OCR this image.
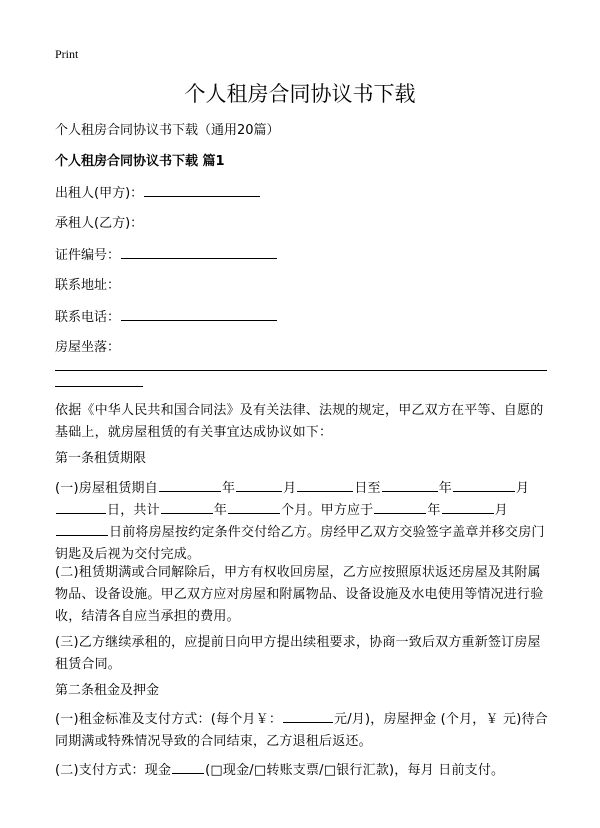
Print
个人租房合同协议书下载
个人租房合同协议书下载（通用20篇）
个人租房合同协议书下载 篇1
出租人(甲方)：
承租人(乙方)：
证件编号：
联系地址：
联系电话：
房屋坐落：
依据《中华人民共和国合同法》及有关法律、法规的规定，甲乙双方在平等、自愿的基础上，就房屋租赁的有关事宜达成协议如下：
第一条租赁期限
(一)房屋租赁期自	年	月	日至	年	月日，共计	年	个月。甲方应于	年	月日前将房屋按约定条件交付给乙方。房经甲乙双方交验签字盖章并移交房门钥匙及后视为交付完成。
(二)租赁期满或合同解除后，甲方有权收回房屋，乙方应按照原状返还房屋及其附属物品、设备设施。甲乙双方应对房屋和附属物品、设备设施及水电使用等情况进行验收，结清各自应当承担的费用。
(三)乙方继续承租的，应提前日向甲方提出续租要求，协商一致后双方重新签订房屋租赁合同。
第二条租金及押金
(一)租金标准及支付方式：(每个月￥：	元/月)，房屋押金 (个月，￥ 元)待合同期满或特殊情况导致的合同结束，乙方退租后返还。
(二)支付方式：现金	(□现金/□转账支票/□银行汇款)，每月 日前支付。
